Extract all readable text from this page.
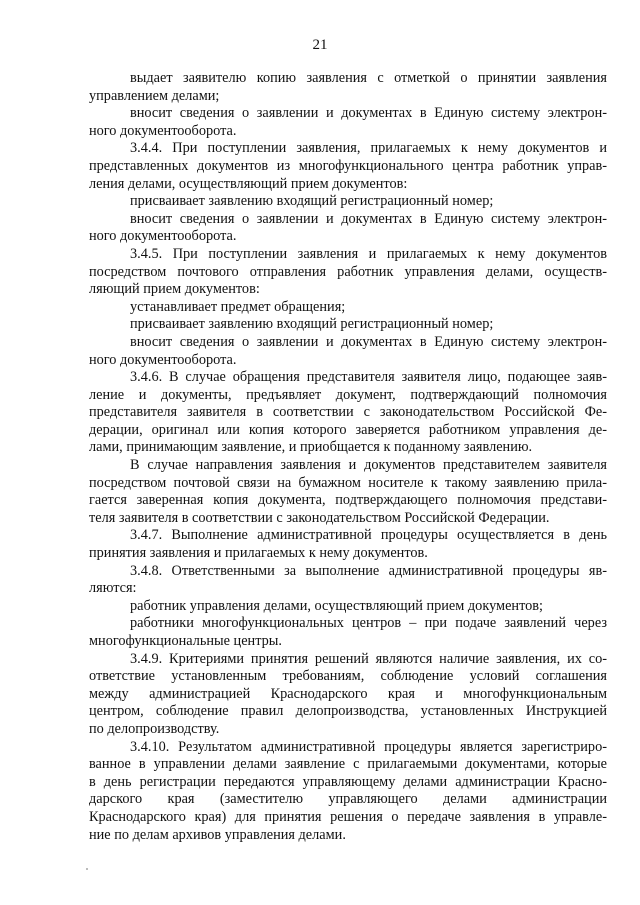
21
выдает заявителю копию заявления с отметкой о принятии заявления
управлением делами;
вносит сведения о заявлении и документах в Единую систему электрон-
ного документооборота.
3.4.4. При поступлении заявления, прилагаемых к нему документов и
представленных документов из многофункционального центра работник управ-
ления делами, осуществляющий прием документов:
присваивает заявлению входящий регистрационный номер;
вносит сведения о заявлении и документах в Единую систему электрон-
ного документооборота.
3.4.5. При поступлении заявления и прилагаемых к нему документов
посредством почтового отправления работник управления делами, осуществ-
ляющий прием документов:
устанавливает предмет обращения;
присваивает заявлению входящий регистрационный номер;
вносит сведения о заявлении и документах в Единую систему электрон-
ного документооборота.
3.4.6. В случае обращения представителя заявителя лицо, подающее заяв-
ление и документы, предъявляет документ, подтверждающий полномочия
представителя заявителя в соответствии с законодательством Российской Фе-
дерации, оригинал или копия которого заверяется работником управления де-
лами, принимающим заявление, и приобщается к поданному заявлению.
В случае направления заявления и документов представителем заявителя
посредством почтовой связи на бумажном носителе к такому заявлению прила-
гается заверенная копия документа, подтверждающего полномочия представи-
теля заявителя в соответствии с законодательством Российской Федерации.
3.4.7. Выполнение административной процедуры осуществляется в день
принятия заявления и прилагаемых к нему документов.
3.4.8. Ответственными за выполнение административной процедуры яв-
ляются:
работник управления делами, осуществляющий прием документов;
работники многофункциональных центров – при подаче заявлений через
многофункциональные центры.
3.4.9. Критериями принятия решений являются наличие заявления, их со-
ответствие установленным требованиям, соблюдение условий соглашения
между администрацией Краснодарского края и многофункциональным
центром, соблюдение правил делопроизводства, установленных Инструкцией
по делопроизводству.
3.4.10. Результатом административной процедуры является зарегистриро-
ванное в управлении делами заявление с прилагаемыми документами, которые
в день регистрации передаются управляющему делами администрации Красно-
дарского края (заместителю управляющего делами администрации
Краснодарского края) для принятия решения о передаче заявления в управле-
ние по делам архивов управления делами.
